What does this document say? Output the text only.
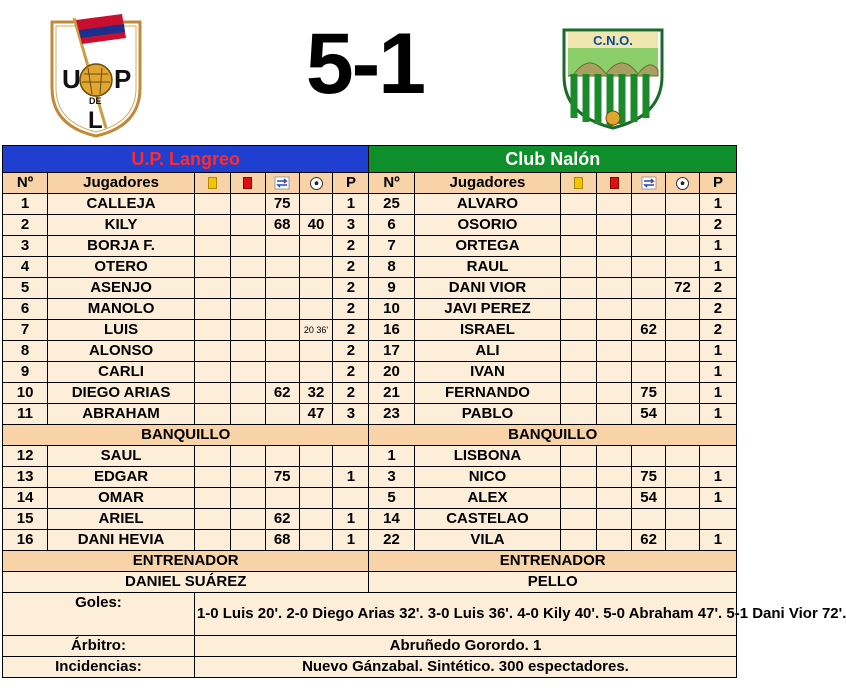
U P
DE
L
5-1	C.N.O.
U.P. Langreo							Club Nalón						
Nº	Jugadores					P	Nº	Jugadores					P
1	CALLEJA			75		1	25	ALVARO					1
2	KILY			68	40	3	6	OSORIO					2
3	BORJA F.					2	7	ORTEGA					1
4	OTERO					2	8	RAUL					1
5	ASENJO					2	9	DANI VIOR				72	2
6	MANOLO					2	10	JAVI PEREZ					2
7	LUIS				20 36'	2	16	ISRAEL			62		2
8	ALONSO					2	17	ALI					1
9	CARLI					2	20	IVAN					1
10	DIEGO ARIAS			62	32	2	21	FERNANDO			75		1
11	ABRAHAM				47	3	23	PABLO			54		1
BANQUILLO							BANQUILLO						
12	SAUL						1	LISBONA					
13	EDGAR			75		1	3	NICO			75		1
14	OMAR						5	ALEX			54		1
15	ARIEL			62		1	14	CASTELAO					
16	DANI HEVIA			68		1	22	VILA			62		1
ENTRENADOR							ENTRENADOR						
DANIEL SUÁREZ							PELLO						
Goles:		1-0 Luis 20'. 2-0 Diego Arias 32'. 3-0 Luis 36'. 4-0 Kily 40'. 5-0 Abraham 47'. 5-1 Dani Vior 72'.											
Árbitro:		Abruñedo Gorordo. 1											
Incidencias:		Nuevo Gánzabal. Sintético. 300 espectadores.											
